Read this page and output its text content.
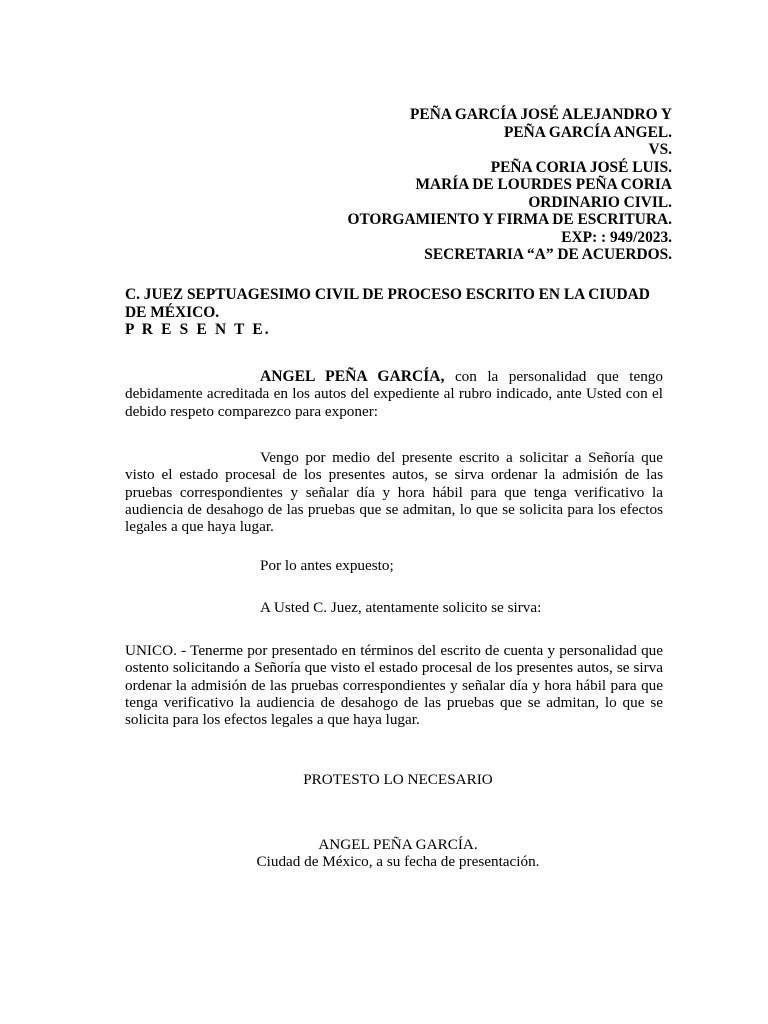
PEÑA GARCÍA JOSÉ ALEJANDRO Y
PEÑA GARCÍA ANGEL.
VS.
PEÑA CORIA JOSÉ LUIS.
MARÍA DE LOURDES PEÑA CORIA
ORDINARIO CIVIL.
OTORGAMIENTO Y FIRMA DE ESCRITURA.
EXP: : 949/2023.
SECRETARIA “A” DE ACUERDOS.
C. JUEZ SEPTUAGESIMO CIVIL DE PROCESO ESCRITO EN LA CIUDAD DE MÉXICO.
P R E S E N T E.
ANGEL PEÑA GARCÍA, con la personalidad que tengo debidamente acreditada en los autos del expediente al rubro indicado, ante Usted con el debido respeto comparezco para exponer:
Vengo por medio del presente escrito a solicitar a Señoría que visto el estado procesal de los presentes autos, se sirva ordenar la admisión de las pruebas correspondientes y señalar día y hora hábil para que tenga verificativo la audiencia de desahogo de las pruebas que se admitan, lo que se solicita para los efectos legales a que haya lugar.
Por lo antes expuesto;
A Usted C. Juez, atentamente solicito se sirva:
UNICO. - Tenerme por presentado en términos del escrito de cuenta y personalidad que ostento solicitando a Señoría que visto el estado procesal de los presentes autos, se sirva ordenar la admisión de las pruebas correspondientes y señalar día y hora hábil para que tenga verificativo la audiencia de desahogo de las pruebas que se admitan, lo que se solicita para los efectos legales a que haya lugar.
PROTESTO LO NECESARIO
ANGEL PEÑA GARCÍA.
Ciudad de México, a su fecha de presentación.
